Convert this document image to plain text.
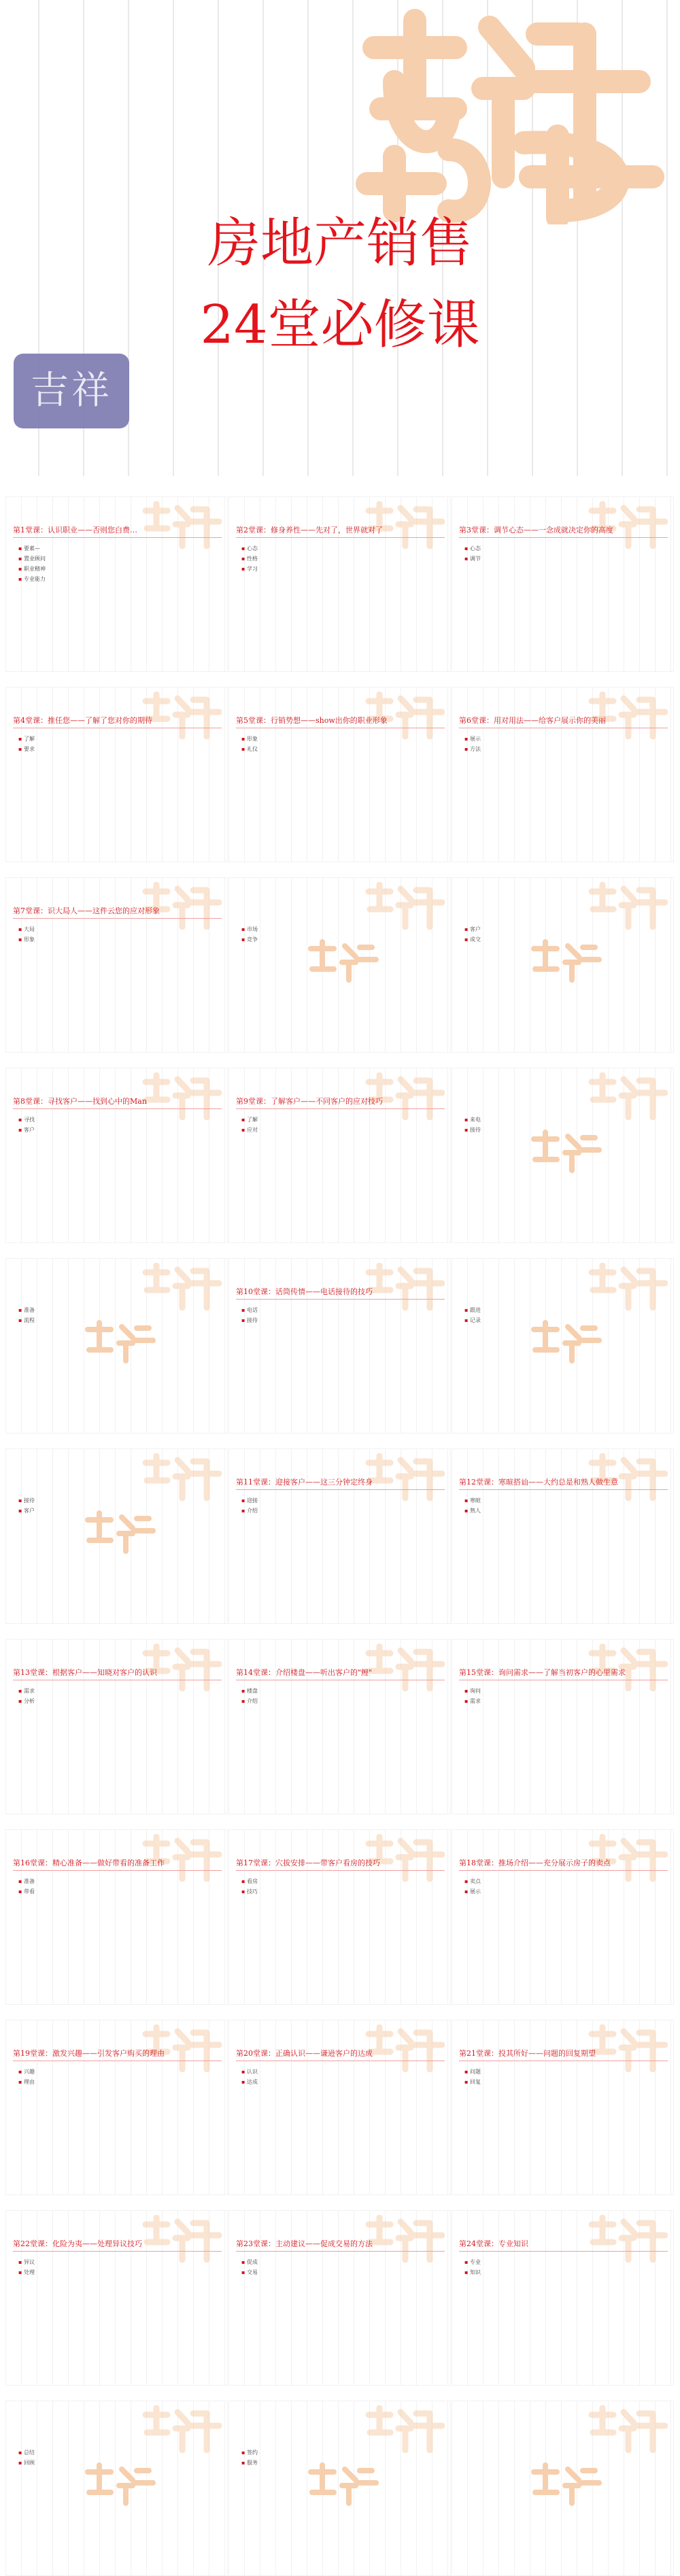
房地产销售
24堂必修课
吉祥
第1堂课：认识职业——否则您白费…
▪ 要素—
▪ 置业顾问
▪ 职业精神
▪ 专业能力
第2堂课：修身养性——先对了，世界就对了
▪ 心态
▪ 性格
▪ 学习
第3堂课：调节心态——一念成就决定你的高度
▪ 心态
▪ 调节
第4堂课：推任您——了解了您对你的期待
▪ 了解
▪ 要求
第5堂课：行销势想——show出你的职业形象
▪ 形象
▪ 礼仪
第6堂课：用对用法——给客户展示你的美丽
▪ 展示
▪ 方法
第7堂课：识大局人——这件云您的应对形象
▪ 大局
▪ 形象
▪ 市场
▪ 竞争
▪ 客户
▪ 成交
第8堂课：寻找客户——找到心中的Man
▪ 寻找
▪ 客户
第9堂课：了解客户——不同客户的应对技巧
▪ 了解
▪ 应对
▪ 来电
▪ 接待
▪ 准备
▪ 流程
第10堂课：话筒传情——电话接待的技巧
▪ 电话
▪ 接待
▪ 跟进
▪ 记录
▪ 接待
▪ 客户
第11堂课：迎接客户——这三分钟定终身
▪ 迎接
▪ 介绍
第12堂课：寒暄搭讪——大约总是和熟人做生意
▪ 寒暄
▪ 熟人
第13堂课：根据客户——知晓对客户的认识
▪ 需求
▪ 分析
第14堂课：介绍楼盘——听出客户的"鲤"
▪ 楼盘
▪ 介绍
第15堂课：询问需求——了解当初客户的心里需求
▪ 询问
▪ 需求
第16堂课：精心准备——做好带看的准备工作
▪ 准备
▪ 带看
第17堂课：穴拔安排——带客户看房的技巧
▪ 看房
▪ 技巧
第18堂课：推场介绍——充分展示房子的卖点
▪ 卖点
▪ 展示
第19堂课：激发兴趣——引发客户购买的理由
▪ 兴趣
▪ 理由
第20堂课：正确认识——谦逊客户的达成
▪ 认识
▪ 达成
第21堂课：投其所好——问题的回复期望
▪ 问题
▪ 回复
第22堂课：化险为夷——处理异议技巧
▪ 异议
▪ 处理
第23堂课：主动建议——促成交易的方法
▪ 促成
▪ 交易
第24堂课：专业知识
▪ 专业
▪ 知识
▪ 总结
▪ 回顾
▪ 签约
▪ 服务
